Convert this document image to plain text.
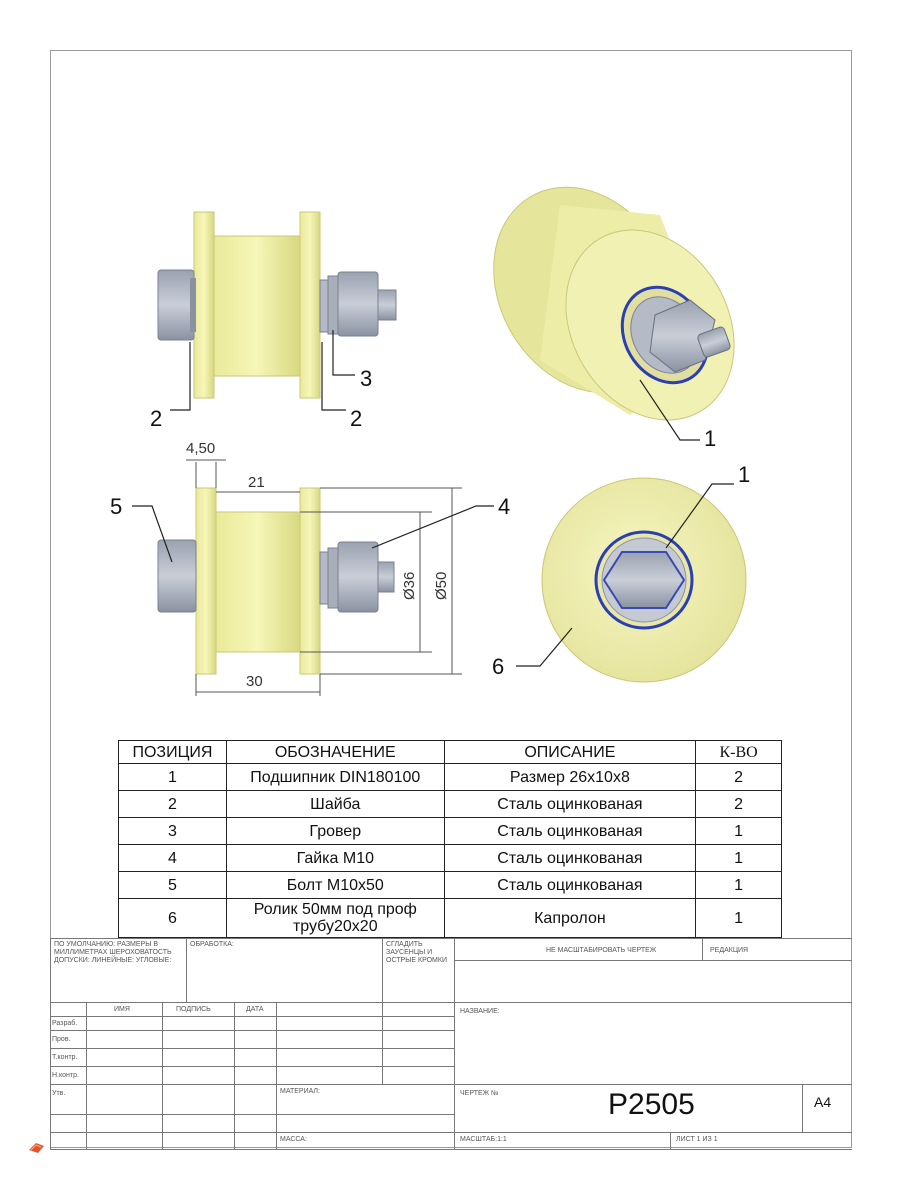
2	2
3
1
4,50
21
30
Ø36 Ø50
5	4
1
6
ПОЗИЦИЯ	ОБОЗНАЧЕНИЕ	ОПИСАНИЕ	К-ВО
1	Подшипник DIN180100	Размер 26x10x8	2
2	Шайба	Сталь оцинкованая	2
3	Гровер	Сталь оцинкованая	1
4	Гайка М10	Сталь оцинкованая	1
5	Болт М10x50	Сталь оцинкованая	1
6	Ролик 50мм под проф трубу20x20	Капролон	1
ПО УМОЛЧАНИЮ: РАЗМЕРЫ В МИЛЛИМЕТРАХ ШЕРОХОВАТОСТЬ ДОПУСКИ: ЛИНЕЙНЫЕ: УГЛОВЫЕ:
ОБРАБОТКА:	СГЛАДИТЬ ЗАУСЕНЦЫ И ОСТРЫЕ КРОМКИ
НЕ МАСШТАБИРОВАТЬ ЧЕРТЕЖ	РЕДАКЦИЯ
ИМЯ	ПОДПИСЬ	ДАТА
Разраб.
Пров.
Т.контр.
Н.контр.
Утв.
НАЗВАНИЕ:
МАТЕРИАЛ:	ЧЕРТЕЖ №	P2505	A4
МАССА:	МАСШТАБ:1:1	ЛИСТ 1 ИЗ 1
